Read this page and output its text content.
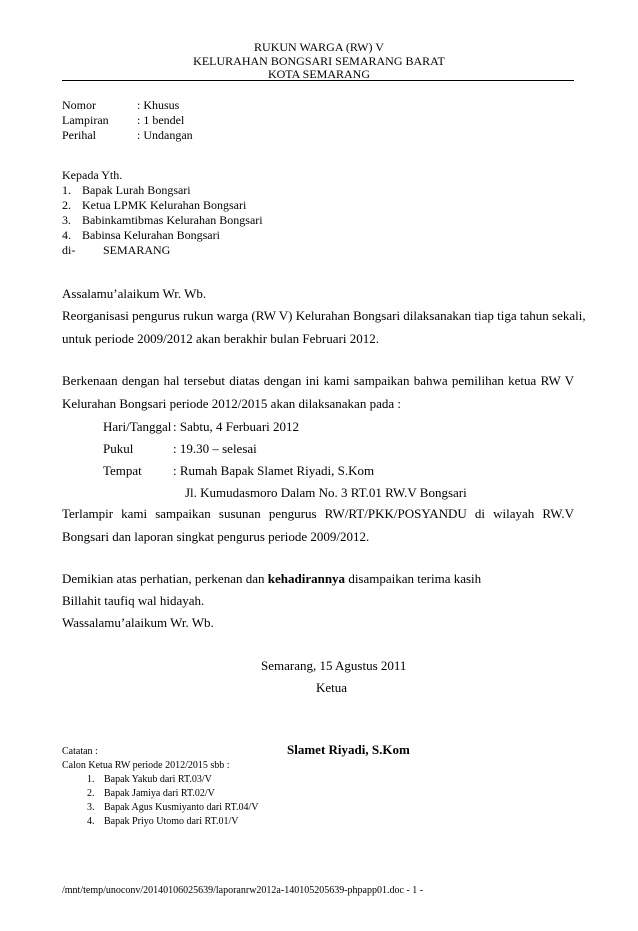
RUKUN WARGA (RW) V
KELURAHAN BONGSARI SEMARANG BARAT
KOTA SEMARANG
Nomor	: Khusus
Lampiran : 1 bendel
Perihal	: Undangan
Kepada Yth.
1. Bapak Lurah Bongsari
2. Ketua LPMK Kelurahan Bongsari
3. Babinkamtibmas Kelurahan Bongsari
4. Babinsa Kelurahan Bongsari
di- SEMARANG
Assalamu’alaikum Wr. Wb.
Reorganisasi pengurus rukun warga (RW V) Kelurahan Bongsari dilaksanakan tiap tiga tahun sekali,
untuk periode 2009/2012 akan berakhir bulan Februari 2012.
Berkenaan dengan hal tersebut diatas dengan ini kami sampaikan bahwa pemilihan ketua RW V
Kelurahan Bongsari periode 2012/2015 akan dilaksanakan pada :
Hari/Tanggal : Sabtu, 4 Ferbuari 2012
Pukul	: 19.30 – selesai
Tempat : Rumah Bapak Slamet Riyadi, S.Kom
Jl. Kumudasmoro Dalam No. 3 RT.01 RW.V Bongsari
Terlampir kami sampaikan susunan pengurus RW/RT/PKK/POSYANDU di wilayah RW.V
Bongsari dan laporan singkat pengurus periode 2009/2012.
Demikian atas perhatian, perkenan dan kehadirannya disampaikan terima kasih
Billahit taufiq wal hidayah.
Wassalamu’alaikum Wr. Wb.
Semarang, 15 Agustus 2011
Ketua
Slamet Riyadi, S.Kom
Catatan :
Calon Ketua RW periode 2012/2015 sbb :
1. Bapak Yakub dari RT.03/V
2. Bapak Jamiya dari RT.02/V
3. Bapak Agus Kusmiyanto dari RT.04/V
4. Bapak Priyo Utomo dari RT.01/V
/mnt/temp/unoconv/20140106025639/laporanrw2012a-140105205639-phpapp01.doc - 1 -
